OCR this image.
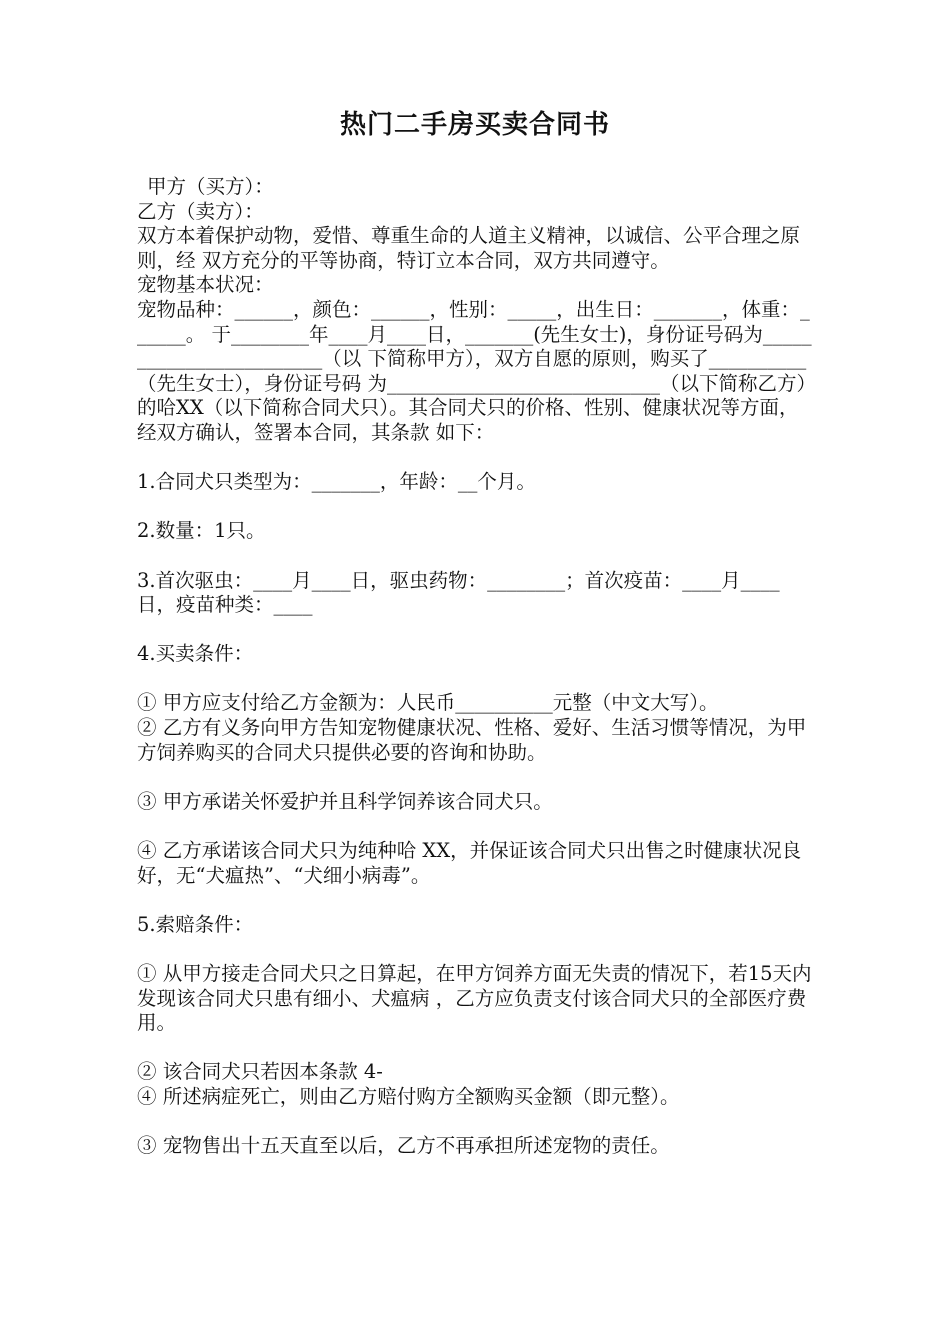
热门二手房买卖合同书

甲方（买方）：

乙方（卖方）：

双方本着保护动物，爱惜、尊重生命的人道主义精神，以诚信、公平合理之原则，经 双方充分的平等协商，特订立本合同，双方共同遵守。

宠物基本状况：

宠物品种：______，颜色：______，性别：_____，出生日：_______，体重：______。 于________年____月____日，_______(先生女士)，身份证号码为________________________（以 下简称甲方），双方自愿的原则，购买了__________（先生女士），身份证号码 为____________________________（以下简称乙方）的哈XX（以下简称合同犬只）。其合同犬只的价格、性别、健康状况等方面，经双方确认，签署本合同，其条款 如下：

1.合同犬只类型为：_______，年龄：__个月。

2.数量：1只。

3.首次驱虫：____月____日，驱虫药物：________；首次疫苗：____月____日，疫苗种类：____

4.买卖条件：

① 甲方应支付给乙方金额为：人民币__________元整（中文大写）。

② 乙方有义务向甲方告知宠物健康状况、性格、爱好、生活习惯等情况，为甲方饲养购买的合同犬只提供必要的咨询和协助。

③ 甲方承诺关怀爱护并且科学饲养该合同犬只。

④ 乙方承诺该合同犬只为纯种哈 XX，并保证该合同犬只出售之时健康状况良好，无“犬瘟热”、“犬细小病毒”。

5.索赔条件：

① 从甲方接走合同犬只之日算起，在甲方饲养方面无失责的情况下，若15天内发现该合同犬只患有细小、犬瘟病 ，乙方应负责支付该合同犬只的全部医疗费用。

② 该合同犬只若因本条款 4-

④ 所述病症死亡，则由乙方赔付购方全额购买金额（即元整）。

③ 宠物售出十五天直至以后，乙方不再承担所述宠物的责任。
